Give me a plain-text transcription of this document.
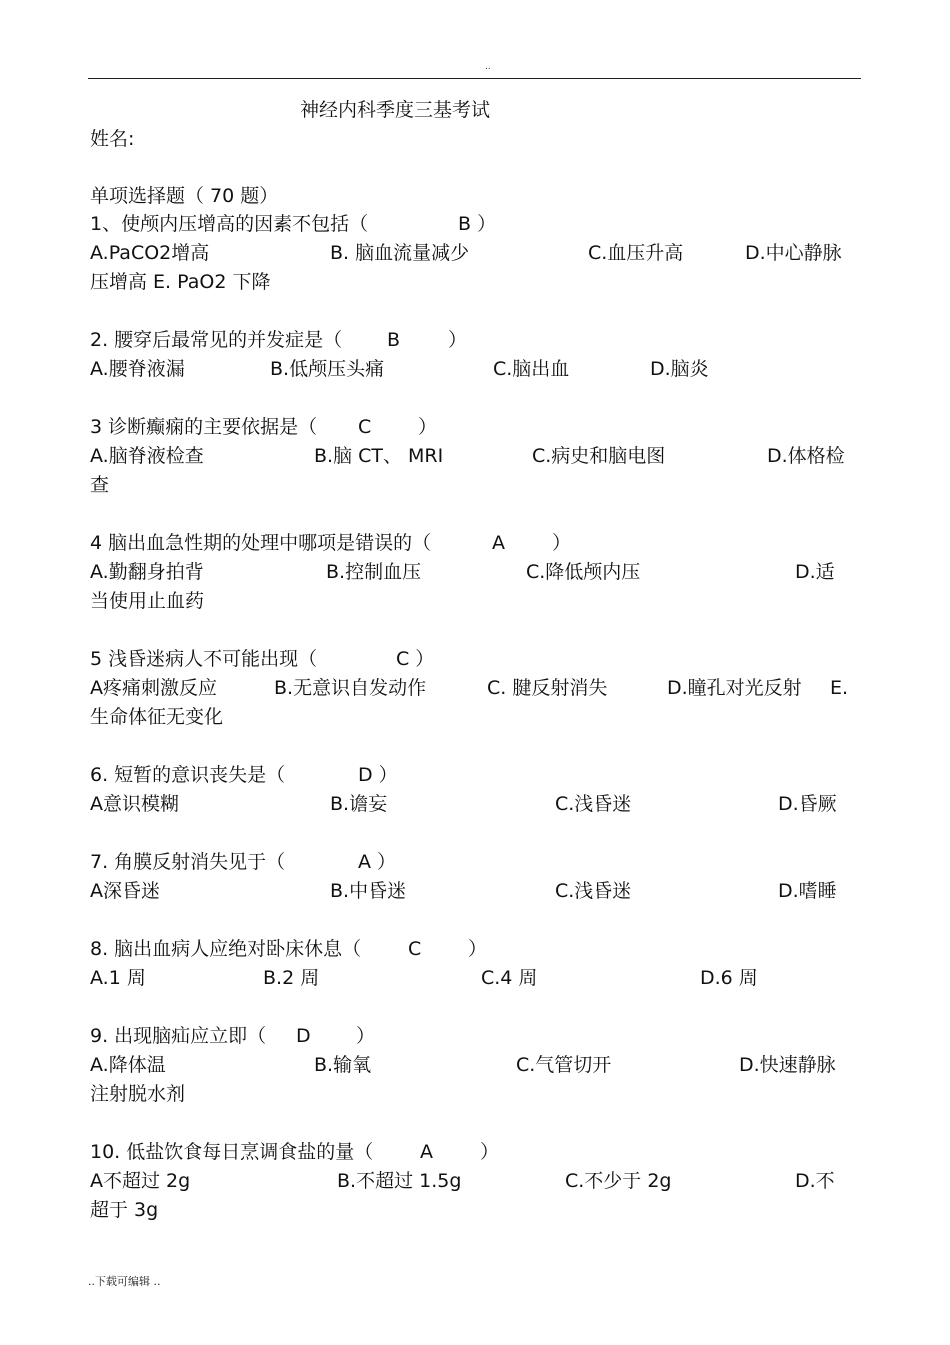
..
神经内科季度三基考试
姓名:
单项选择题（ 70 题）
1、使颅内压增高的因素不包括（	B ）
A.PaCO2增高	B. 脑血流量减少	C.血压升高	D.中心静脉
压增高 E. PaO2 下降
2. 腰穿后最常见的并发症是（ B	）
A.腰脊液漏	B.低颅压头痛	C.脑出血	D.脑炎
3 诊断癫痫的主要依据是（ C ）
A.脑脊液检查	B.脑 CT、 MRI	C.病史和脑电图	D.体格检
查
4 脑出血急性期的处理中哪项是错误的（	A ）
A.勤翻身拍背	B.控制血压	C.降低颅内压	D.适
当使用止血药
5 浅昏迷病人不可能出现（	C ）
A疼痛刺激反应	B.无意识自发动作	C. 腱反射消失	D.瞳孔对光反射 E.
生命体征无变化
6. 短暂的意识丧失是（	D ）
A意识模糊	B.谵妄	C.浅昏迷	D.昏厥
7. 角膜反射消失见于（	A ）
A深昏迷	B.中昏迷	C.浅昏迷	D.嗜睡
8. 脑出血病人应绝对卧床休息（ C ）
A.1 周	B.2 周	C.4 周	D.6 周
9. 出现脑疝应立即（ D ）
A.降体温	B.输氧	C.气管切开	D.快速静脉
注射脱水剂
10. 低盐饮食每日烹调食盐的量（ A ）
A不超过 2g	B.不超过 1.5g	C.不少于 2g	D.不
超于 3g
..下载可编辑 ..
